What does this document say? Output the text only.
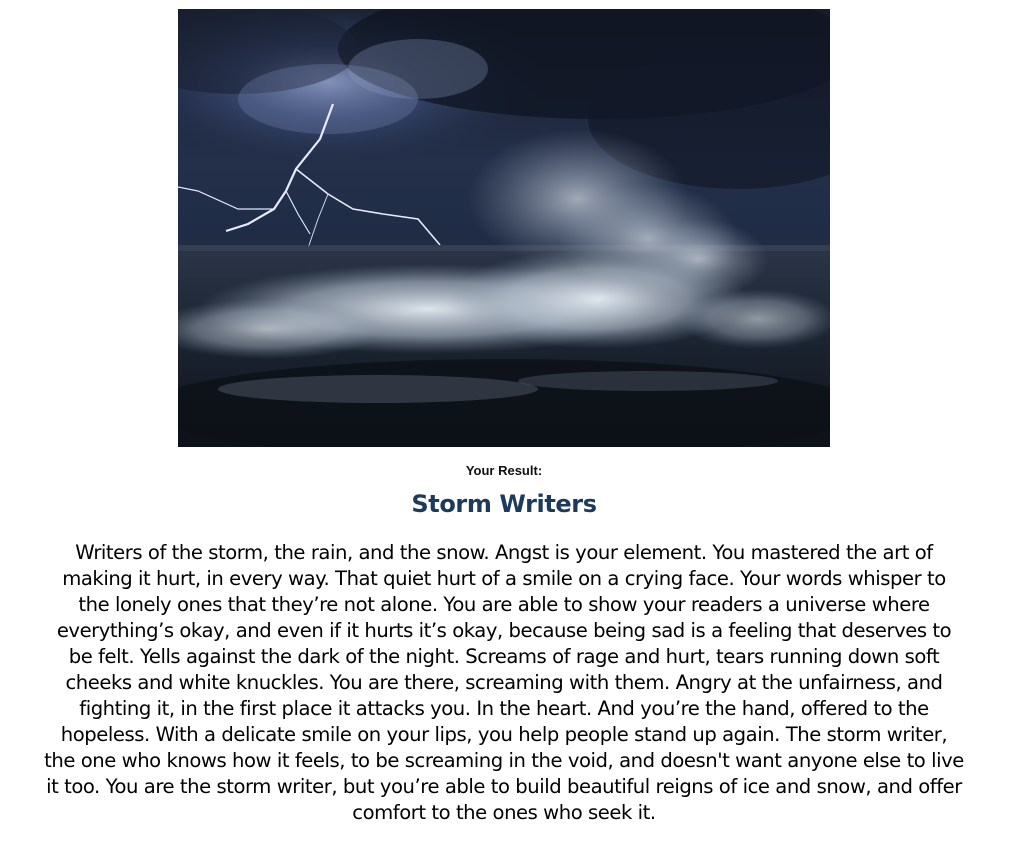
Your Result:
Storm Writers

Writers of the storm, the rain, and the snow. Angst is your element. You mastered the art of making it hurt, in every way. That quiet hurt of a smile on a crying face. Your words whisper to the lonely ones that they’re not alone. You are able to show your readers a universe where everything’s okay, and even if it hurts it’s okay, because being sad is a feeling that deserves to be felt. Yells against the dark of the night. Screams of rage and hurt, tears running down soft cheeks and white knuckles. You are there, screaming with them. Angry at the unfairness, and fighting it, in the first place it attacks you. In the heart. And you’re the hand, offered to the hopeless. With a delicate smile on your lips, you help people stand up again. The storm writer, the one who knows how it feels, to be screaming in the void, and doesn't want anyone else to live it too. You are the storm writer, but you’re able to build beautiful reigns of ice and snow, and offer comfort to the ones who seek it.
